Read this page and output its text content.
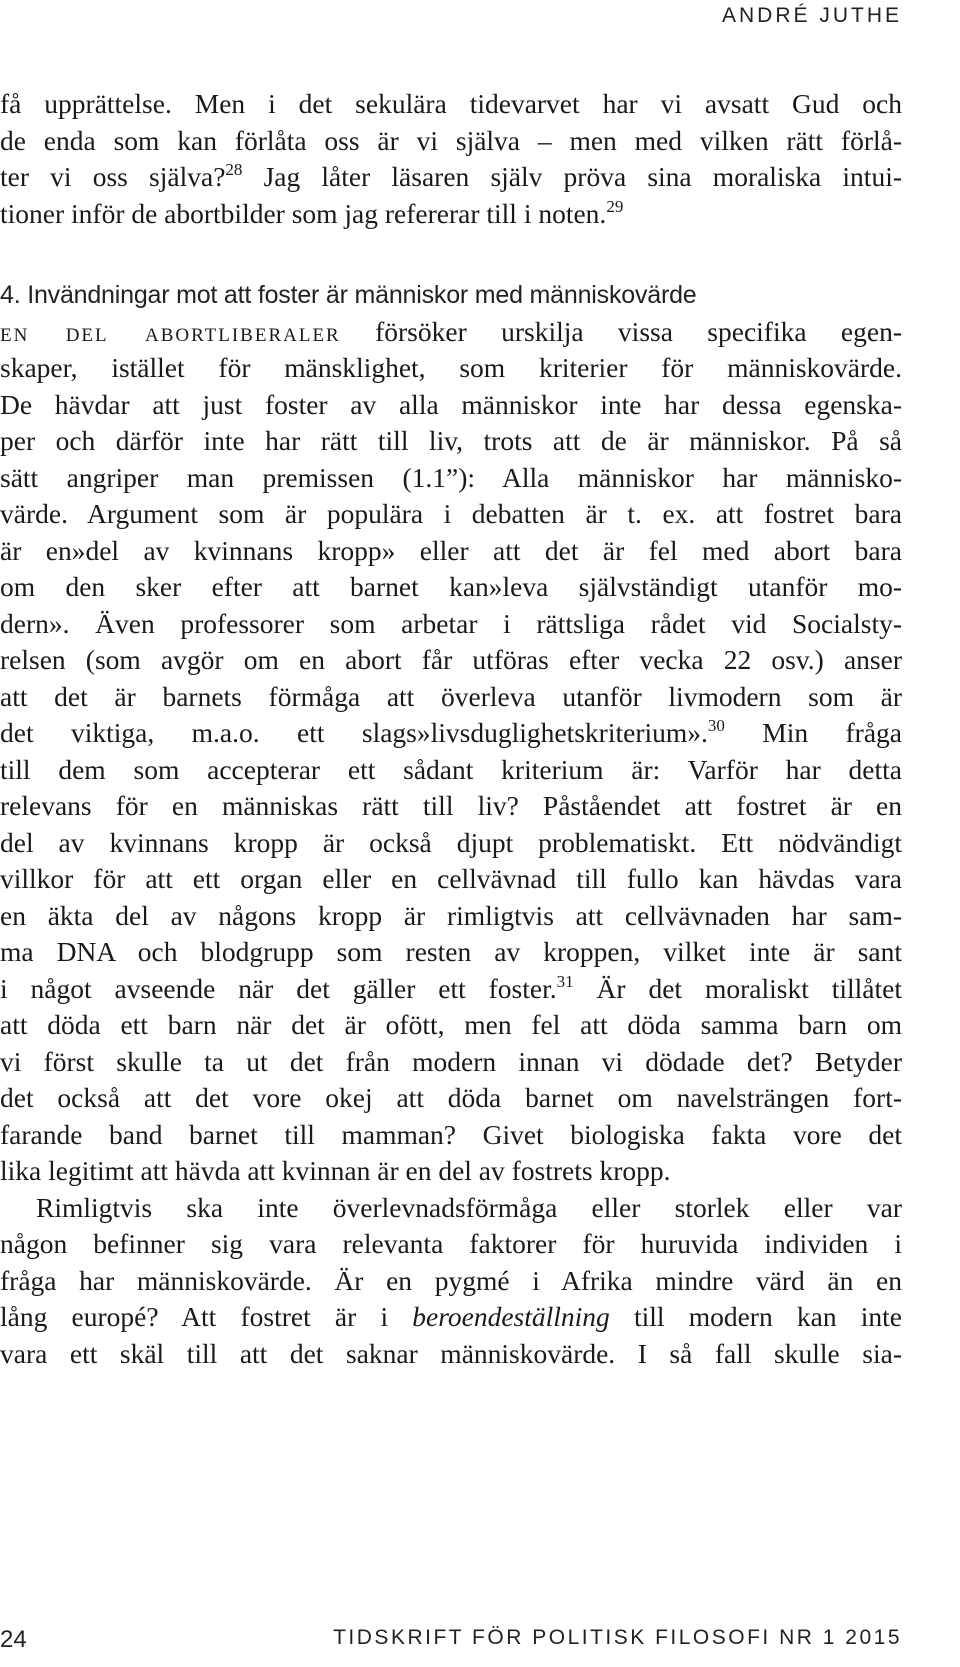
ANDRÉ JUTHE
få upprättelse. Men i det sekulära tidevarvet har vi avsatt Gud och
de enda som kan förlåta oss är vi själva – men med vilken rätt förlå-
ter vi oss själva?$^{28}$ Jag låter läsaren själv pröva sina moraliska intui-
tioner inför de abortbilder som jag refererar till i noten.$^{29}$
4. Invändningar mot att foster är människor med människovärde
en del abortliberaler försöker urskilja vissa specifika egen-
skaper, istället för mänsklighet, som kriterier för människovärde.
De hävdar att just foster av alla människor inte har dessa egenska-
per och därför inte har rätt till liv, trots att de är människor. På så
sätt angriper man premissen (1.1”): Alla människor har människo-
värde. Argument som är populära i debatten är t. ex. att fostret bara
är en»del av kvinnans kropp» eller att det är fel med abort bara
om den sker efter att barnet kan»leva självständigt utanför mo-
dern». Även professorer som arbetar i rättsliga rådet vid Socialsty-
relsen (som avgör om en abort får utföras efter vecka 22 osv.) anser
att det är barnets förmåga att överleva utanför livmodern som är
det viktiga, m.a.o. ett slags»livsduglighetskriterium».$^{30}$ Min fråga
till dem som accepterar ett sådant kriterium är: Varför har detta
relevans för en människas rätt till liv? Påståendet att fostret är en
del av kvinnans kropp är också djupt problematiskt. Ett nödvändigt
villkor för att ett organ eller en cellvävnad till fullo kan hävdas vara
en äkta del av någons kropp är rimligtvis att cellvävnaden har sam-
ma DNA och blodgrupp som resten av kroppen, vilket inte är sant
i något avseende när det gäller ett foster.$^{31}$ Är det moraliskt tillåtet
att döda ett barn när det är ofött, men fel att döda samma barn om
vi först skulle ta ut det från modern innan vi dödade det? Betyder
det också att det vore okej att döda barnet om navelsträngen fort-
farande band barnet till mamman? Givet biologiska fakta vore det
lika legitimt att hävda att kvinnan är en del av fostrets kropp.
Rimligtvis ska inte överlevnadsförmåga eller storlek eller var
någon befinner sig vara relevanta faktorer för huruvida individen i
fråga har människovärde. Är en pygmé i Afrika mindre värd än en
lång europé? Att fostret är i beroendeställning till modern kan inte
vara ett skäl till att det saknar människovärde. I så fall skulle sia-
24	TIDSKRIFT FÖR POLITISK FILOSOFI NR 1 2015
